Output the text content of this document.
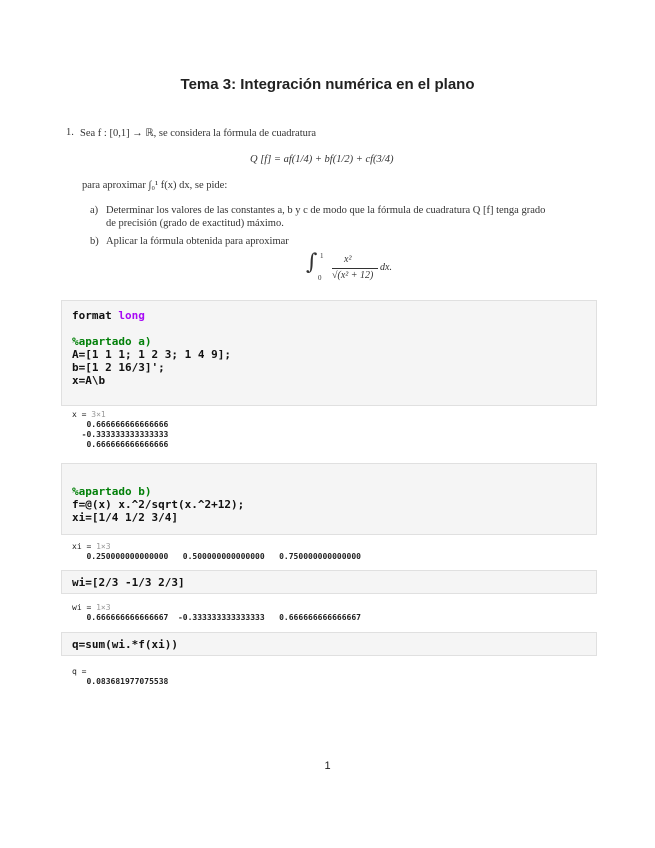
Tema 3: Integración numérica en el plano
1. Sea f : [0,1] → ℝ, se considera la fórmula de cuadratura
Q [f] = af(1/4) + bf(1/2) + cf(3/4)
para aproximar ∫₀¹ f(x) dx, se pide:
a) Determinar los valores de las constantes a, b y c de modo que la fórmula de cuadratura Q [f] tenga grado
de precisión (grado de exactitud) máximo.
b) Aplicar la fórmula obtenida para aproximar
∫ 1
0
x²
√(x² + 12)
dx.
format long

%apartado a)
A=[1 1 1; 1 2 3; 1 4 9];
b=[1 2 16/3]';
x=A\b
x = 3×1
0.666666666666666
-0.333333333333333
0.666666666666666

%apartado b)
f=@(x) x.^2/sqrt(x.^2+12);
xi=[1/4 1/2 3/4]
xi = 1×3
0.250000000000000   0.500000000000000   0.750000000000000
wi=[2/3 -1/3 2/3]
wi = 1×3
0.666666666666667  -0.333333333333333   0.666666666666667
q=sum(wi.*f(xi))
q =
0.083681977075538
1
